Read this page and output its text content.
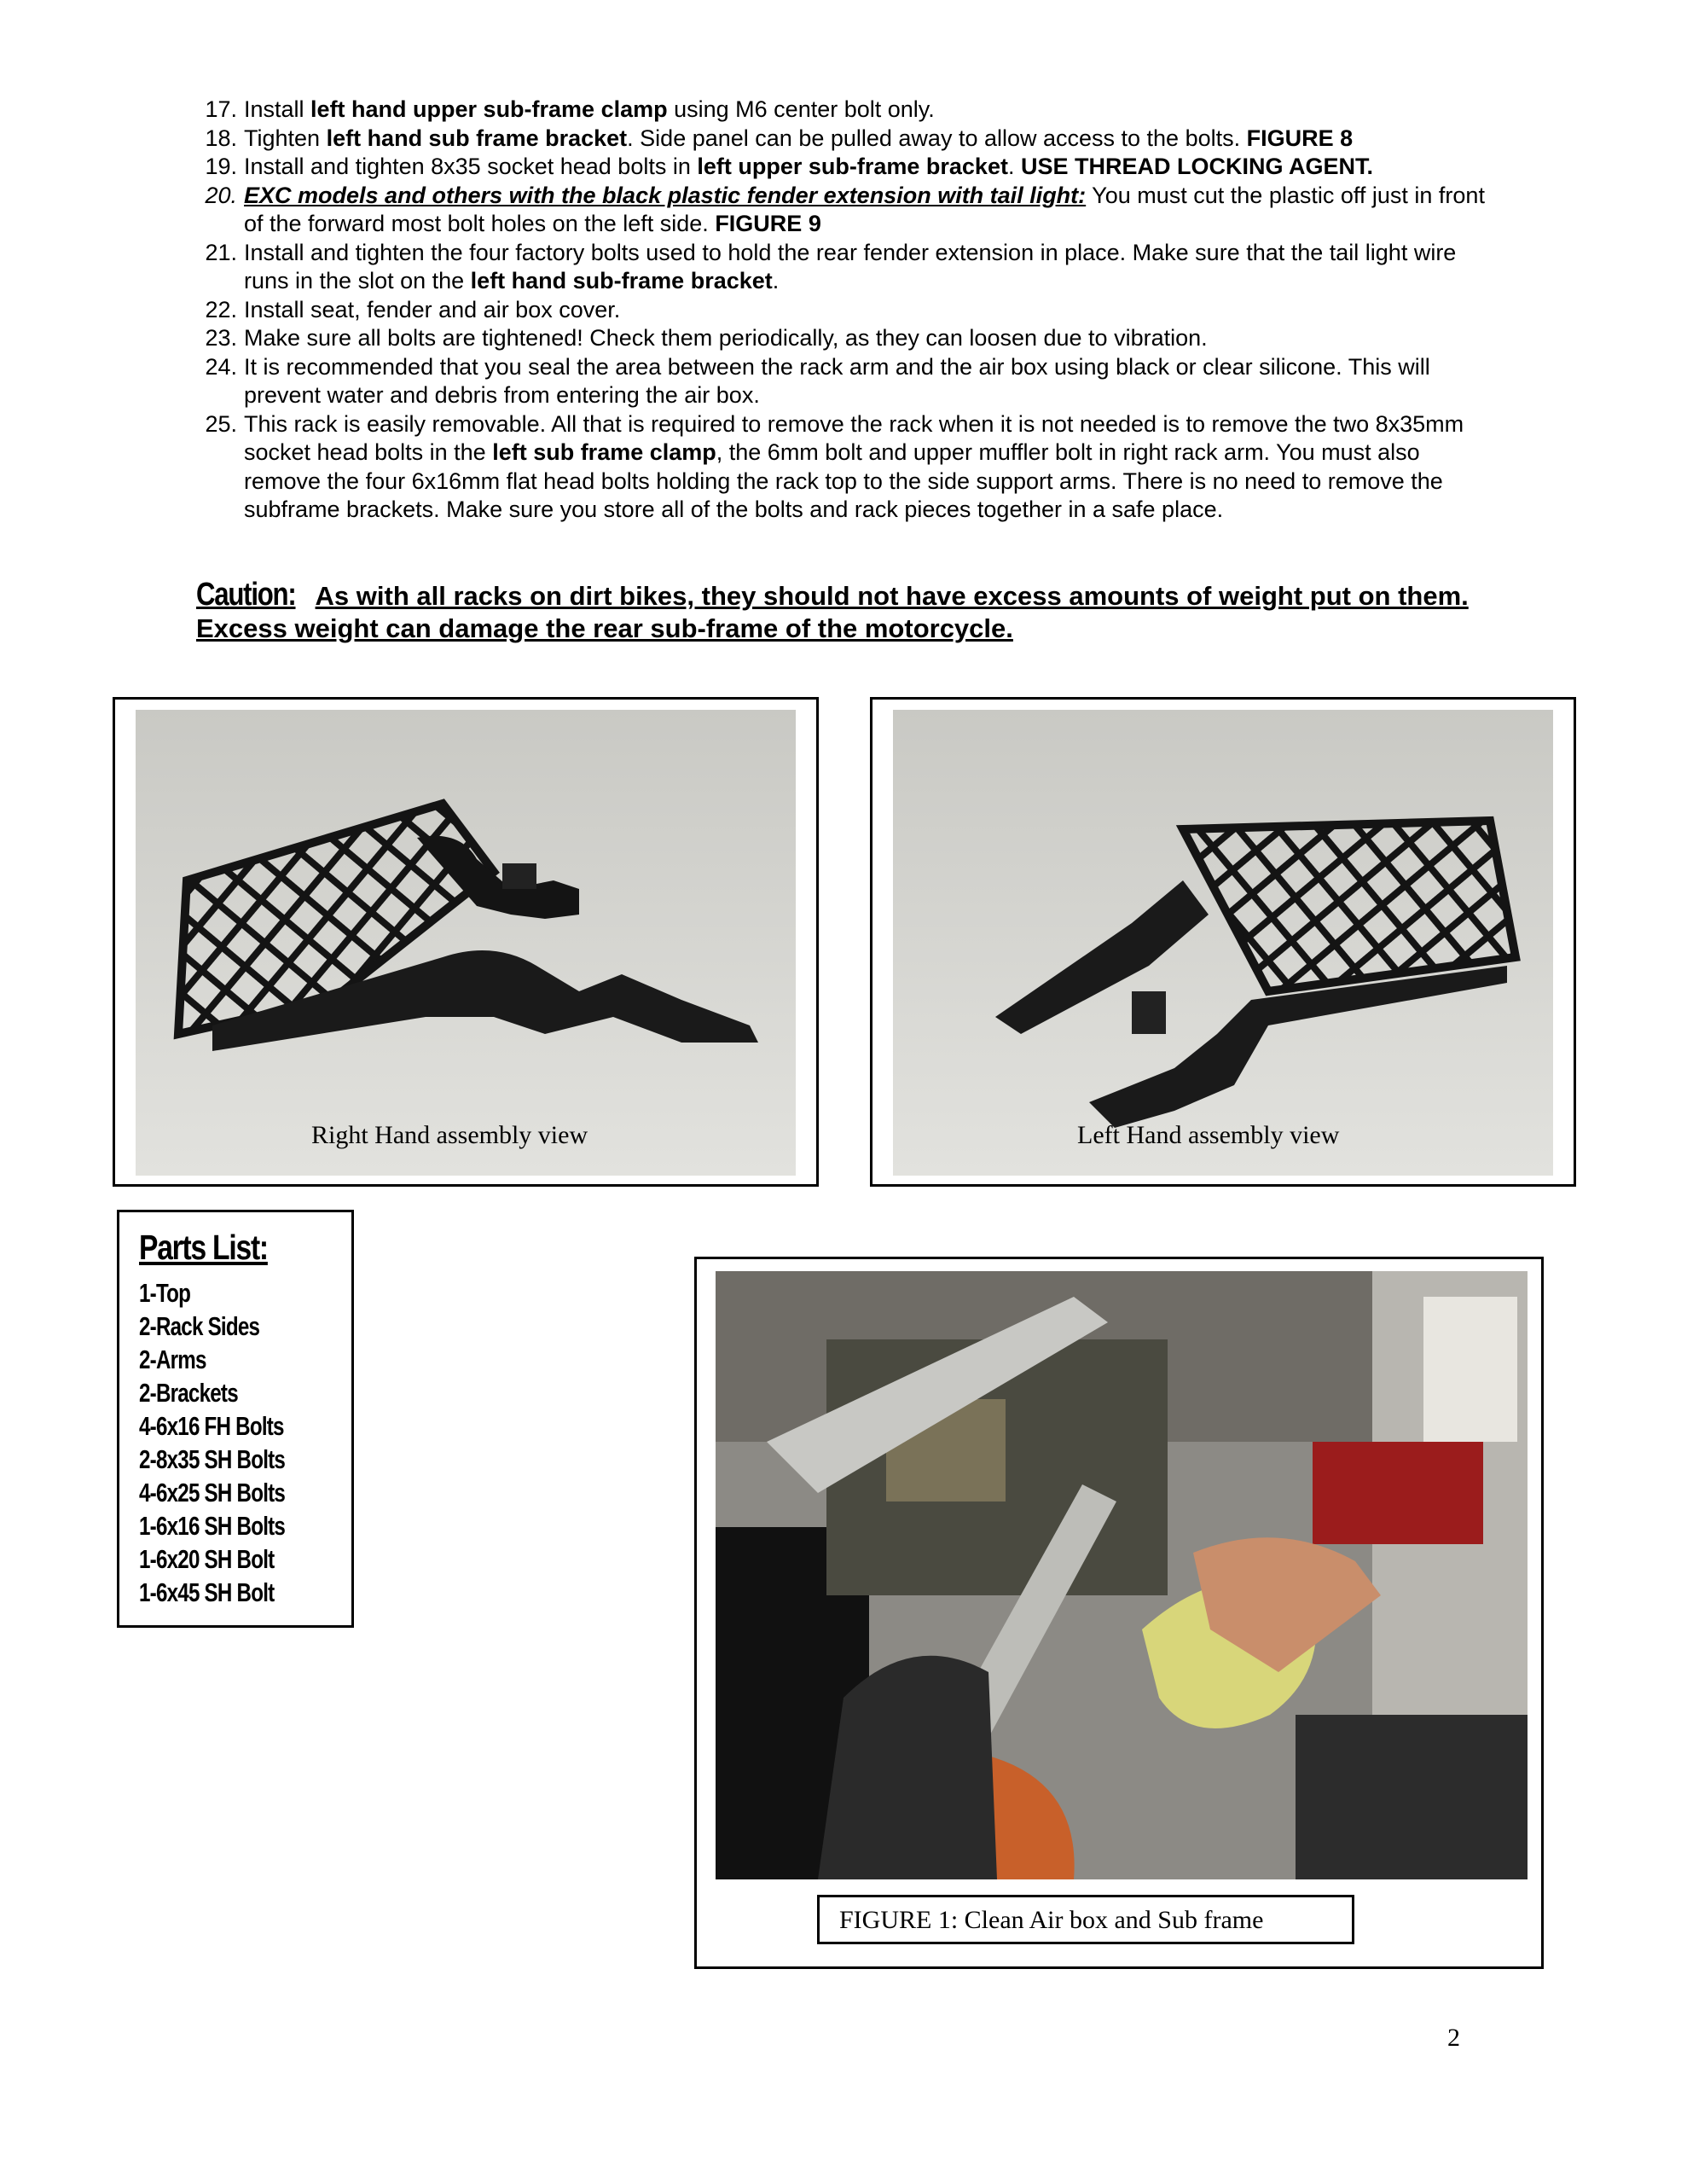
17. Install left hand upper sub-frame clamp using M6 center bolt only.
18. Tighten left hand sub frame bracket. Side panel can be pulled away to allow access to the bolts. FIGURE 8
19. Install and tighten 8x35 socket head bolts in left upper sub-frame bracket. USE THREAD LOCKING AGENT.
20. EXC models and others with the black plastic fender extension with tail light: You must cut the plastic off just in front of the forward most bolt holes on the left side. FIGURE 9
21. Install and tighten the four factory bolts used to hold the rear fender extension in place. Make sure that the tail light wire runs in the slot on the left hand sub-frame bracket.
22. Install seat, fender and air box cover.
23. Make sure all bolts are tightened! Check them periodically, as they can loosen due to vibration.
24. It is recommended that you seal the area between the rack arm and the air box using black or clear silicone. This will prevent water and debris from entering the air box.
25. This rack is easily removable. All that is required to remove the rack when it is not needed is to remove the two 8x35mm socket head bolts in the left sub frame clamp, the 6mm bolt and upper muffler bolt in right rack arm. You must also remove the four 6x16mm flat head bolts holding the rack top to the side support arms. There is no need to remove the subframe brackets. Make sure you store all of the bolts and rack pieces together in a safe place.
Caution: As with all racks on dirt bikes, they should not have excess amounts of weight put on them. Excess weight can damage the rear sub-frame of the motorcycle.
Right Hand assembly view	Left Hand assembly view
Parts List:
1-Top
2-Rack Sides
2-Arms
2-Brackets
4-6x16 FH Bolts
2-8x35 SH Bolts
4-6x25 SH Bolts
1-6x16 SH Bolts
1-6x20 SH Bolt
1-6x45 SH Bolt
FIGURE 1: Clean Air box and Sub frame
2
